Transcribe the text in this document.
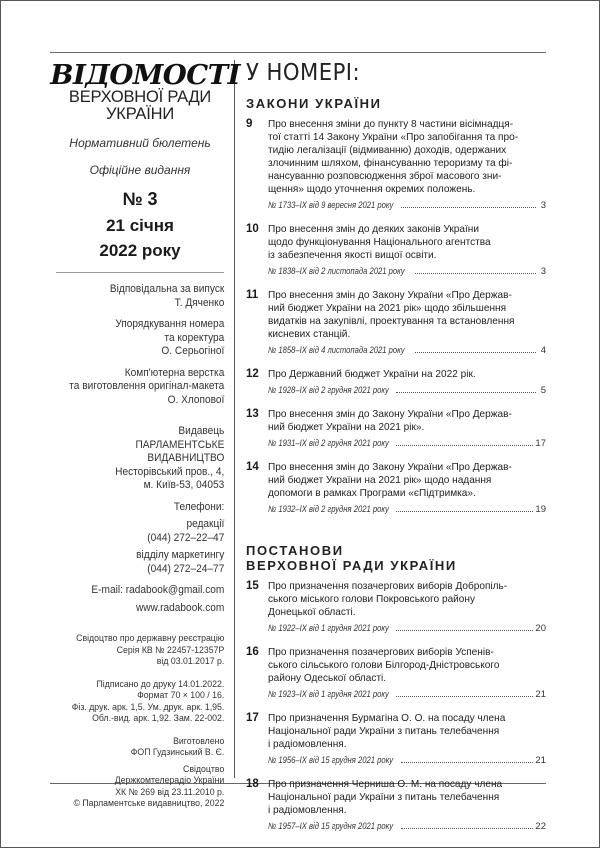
ВІДОМОСТІ
ВЕРХОВНОЇ РАДИ
УКРАЇНИ
Нормативний бюлетень
Офіційне видання
№ 3
21 січня
2022 року
Відповідальна за випуск
Т. Дяченко
Упорядкування номера
та коректура
О. Серьогіної
Комп'ютерна верстка
та виготовлення оригінал-макета
О. Хлопової
Видавець
ПАРЛАМЕНТСЬКЕ ВИДАВНИЦТВО
Несторівський пров., 4,
м. Київ-53, 04053
Телефони:
редакції
(044) 272–22–47
відділу маркетингу
(044) 272–24–77
E-mail: radabook@gmail.com
www.radabook.com
Свідоцтво про державну реєстрацію
Серія КВ № 22457-12357Р
від 03.01.2017 р.
Підписано до друку 14.01.2022.
Формат 70 × 100 / 16.
Фіз. друк. арк. 1,5. Ум. друк. арк. 1,95.
Обл.-вид. арк. 1,92. Зам. 22-002.
Виготовлено
ФОП Гудзинський В. Є.
Свідоцтво
Держкомтелерадіо України
ХК № 269 від 23.11.2010 р.
© Парламентське видавництво, 2022
У НОМЕРІ:
ЗАКОНИ УКРАЇНИ
9	Про внесення зміни до пункту 8 частини вісімнадця-
тої статті 14 Закону України «Про запобігання та про-
тидію легалізації (відмиванню) доходів, одержаних
злочинним шляхом, фінансуванню тероризму та фі-
нансуванню розповсюдження зброї масового зни-
щення» щодо уточнення окремих положень.
№ 1733–IX від 9 вересня 2021 року	3
10 Про внесення змін до деяких законів України
щодо функціонування Національного агентства
із забезпечення якості вищої освіти.
№ 1838–IX від 2 листопада 2021 року	3
11 Про внесення змін до Закону України «Про Держав-
ний бюджет України на 2021 рік» щодо збільшення
видатків на закупівлі, проектування та встановлення
кисневих станцій.
№ 1858–IX від 4 листопада 2021 року	4
12 Про Державний бюджет України на 2022 рік.
№ 1928–IX від 2 грудня 2021 року	5
13 Про внесення змін до Закону України «Про Держав-
ний бюджет України на 2021 рік».
№ 1931–IX від 2 грудня 2021 року	17
14 Про внесення змін до Закону України «Про Держав-
ний бюджет України на 2021 рік» щодо надання
допомоги в рамках Програми «єПідтримка».
№ 1932–IX від 2 грудня 2021 року	19
ПОСТАНОВИ
ВЕРХОВНОЇ РАДИ УКРАЇНИ
15 Про призначення позачергових виборів Добропіль-
ського міського голови Покровського району
Донецької області.
№ 1922–IX від 1 грудня 2021 року	20
16 Про призначення позачергових виборів Успенів-
ського сільського голови Білгород-Дністровського
району Одеської області.
№ 1923–IX від 1 грудня 2021 року	21
17 Про призначення Бурмагіна О. О. на посаду члена
Національної ради України з питань телебачення
і радіомовлення.
№ 1956–IX від 15 грудня 2021 року	21
18 Про призначення Черниша О. М. на посаду члена
Національної ради України з питань телебачення
і радіомовлення.
№ 1957–IX від 15 грудня 2021 року	22
